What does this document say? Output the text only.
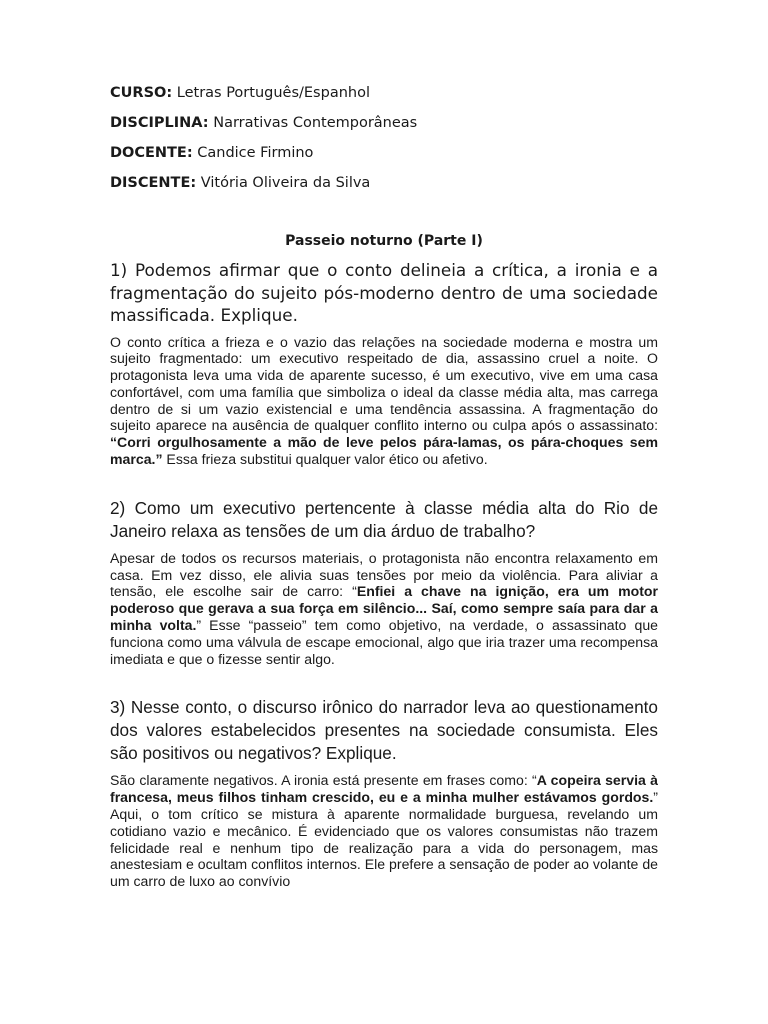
CURSO: Letras Português/Espanhol

DISCIPLINA: Narrativas Contemporâneas

DOCENTE: Candice Firmino

DISCENTE: Vitória Oliveira da Silva

Passeio noturno (Parte I)

1) Podemos afirmar que o conto delineia a crítica, a ironia e a fragmentação do sujeito pós-moderno dentro de uma sociedade massificada. Explique.

O conto crítica a frieza e o vazio das relações na sociedade moderna e mostra um sujeito fragmentado: um executivo respeitado de dia, assassino cruel a noite. O protagonista leva uma vida de aparente sucesso, é um executivo, vive em uma casa confortável, com uma família que simboliza o ideal da classe média alta, mas carrega dentro de si um vazio existencial e uma tendência assassina. A fragmentação do sujeito aparece na ausência de qualquer conflito interno ou culpa após o assassinato: “Corri orgulhosamente a mão de leve pelos pára-lamas, os pára-choques sem marca.” Essa frieza substitui qualquer valor ético ou afetivo.

2) Como um executivo pertencente à classe média alta do Rio de Janeiro relaxa as tensões de um dia árduo de trabalho?

Apesar de todos os recursos materiais, o protagonista não encontra relaxamento em casa. Em vez disso, ele alivia suas tensões por meio da violência. Para aliviar a tensão, ele escolhe sair de carro: “Enfiei a chave na ignição, era um motor poderoso que gerava a sua força em silêncio... Saí, como sempre saía para dar a minha volta.” Esse “passeio” tem como objetivo, na verdade, o assassinato que funciona como uma válvula de escape emocional, algo que iria trazer uma recompensa imediata e que o fizesse sentir algo.

3) Nesse conto, o discurso irônico do narrador leva ao questionamento dos valores estabelecidos presentes na sociedade consumista. Eles são positivos ou negativos? Explique.

São claramente negativos. A ironia está presente em frases como: “A copeira servia à francesa, meus filhos tinham crescido, eu e a minha mulher estávamos gordos.” Aqui, o tom crítico se mistura à aparente normalidade burguesa, revelando um cotidiano vazio e mecânico. É evidenciado que os valores consumistas não trazem felicidade real e nenhum tipo de realização para a vida do personagem, mas anestesiam e ocultam conflitos internos. Ele prefere a sensação de poder ao volante de um carro de luxo ao convívio
